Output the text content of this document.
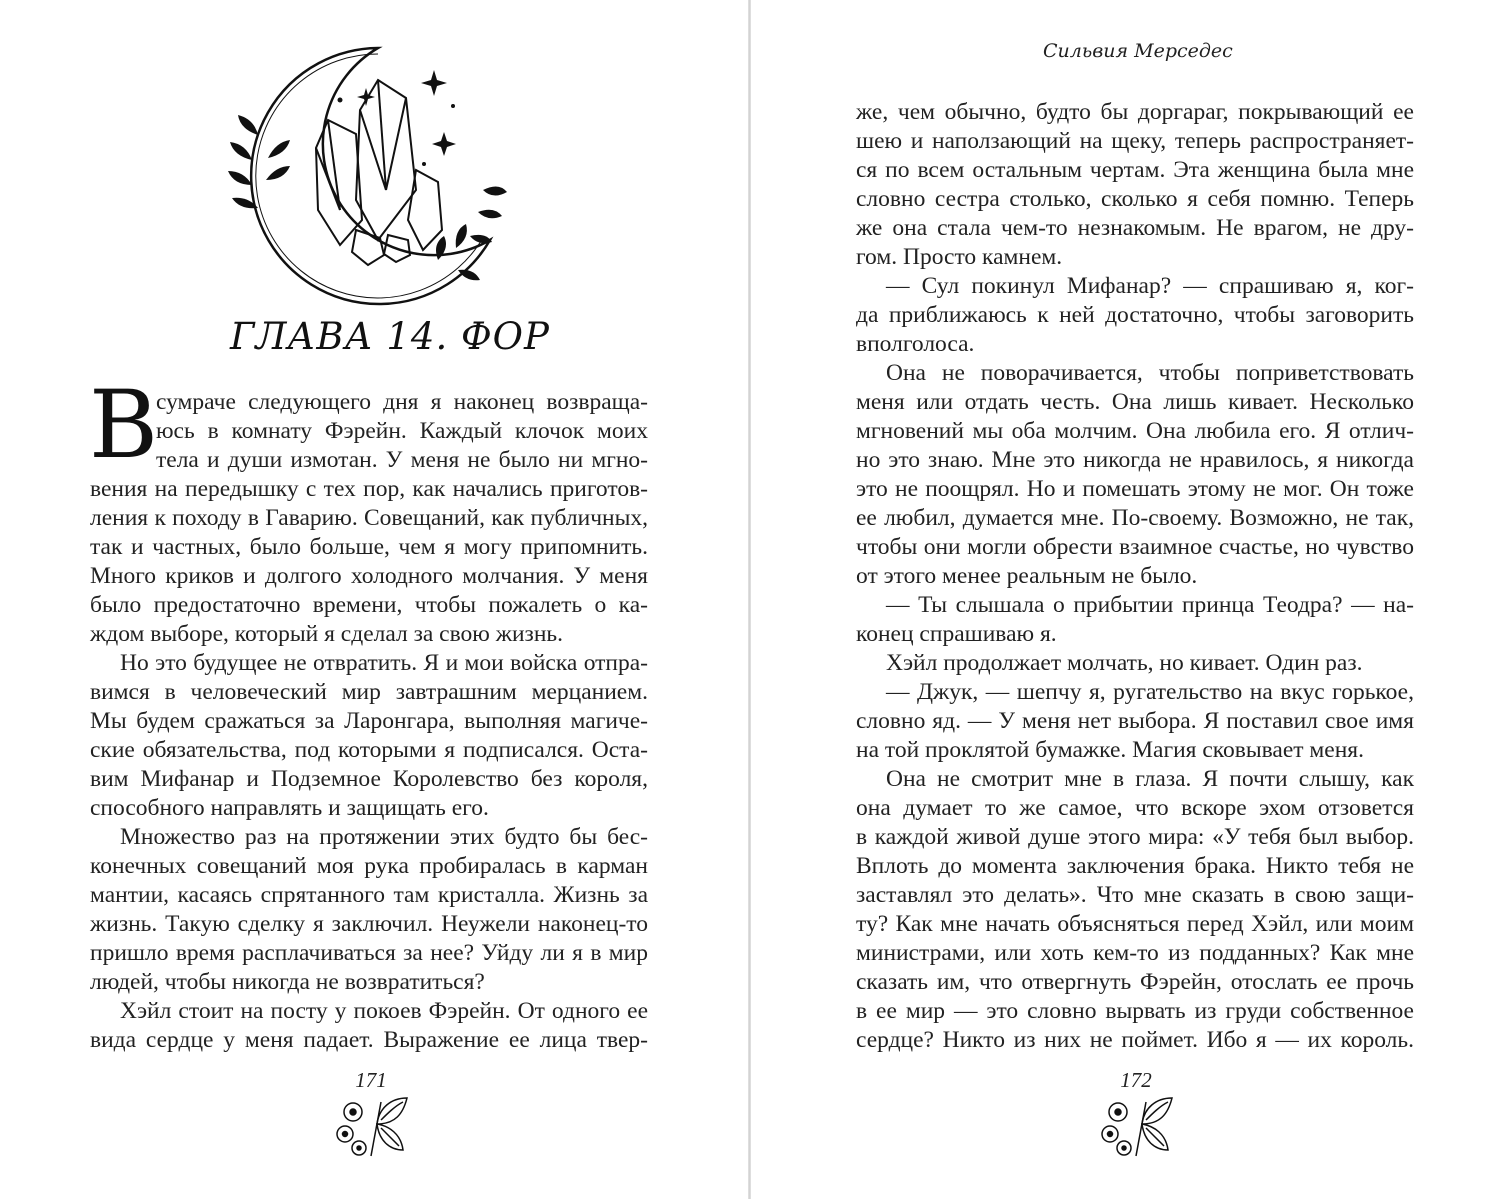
ГЛАВА 14. ФОР
В
сумраче следующего дня я наконец возвраща-
юсь в комнату Фэрейн. Каждый клочок моих
тела и души измотан. У меня не было ни мгно-
вения на передышку с тех пор, как начались приготов-
ления к походу в Гаварию. Совещаний, как публичных,
так и частных, было больше, чем я могу припомнить.
Много криков и долгого холодного молчания. У меня
было предостаточно времени, чтобы пожалеть о ка-
ждом выборе, который я сделал за свою жизнь.
Но это будущее не отвратить. Я и мои войска отпра-
вимся в человеческий мир завтрашним мерцанием.
Мы будем сражаться за Ларонгара, выполняя магиче-
ские обязательства, под которыми я подписался. Оста-
вим Мифанар и Подземное Королевство без короля,
способного направлять и защищать его.
Множество раз на протяжении этих будто бы бес-
конечных совещаний моя рука пробиралась в карман
мантии, касаясь спрятанного там кристалла. Жизнь за
жизнь. Такую сделку я заключил. Неужели наконец-то
пришло время расплачиваться за нее? Уйду ли я в мир
людей, чтобы никогда не возвратиться?
Хэйл стоит на посту у покоев Фэрейн. От одного ее
вида сердце у меня падает. Выражение ее лица твер-
171
Сильвия Мерседес
же, чем обычно, будто бы доргараг, покрывающий ее
шею и наползающий на щеку, теперь распространяет-
ся по всем остальным чертам. Эта женщина была мне
словно сестра столько, сколько я себя помню. Теперь
же она стала чем-то незнакомым. Не врагом, не дру-
гом. Просто камнем.
— Сул покинул Мифанар? — спрашиваю я, ког-
да приближаюсь к ней достаточно, чтобы заговорить
вполголоса.
Она не поворачивается, чтобы поприветствовать
меня или отдать честь. Она лишь кивает. Несколько
мгновений мы оба молчим. Она любила его. Я отлич-
но это знаю. Мне это никогда не нравилось, я никогда
это не поощрял. Но и помешать этому не мог. Он тоже
ее любил, думается мне. По-своему. Возможно, не так,
чтобы они могли обрести взаимное счастье, но чувство
от этого менее реальным не было.
— Ты слышала о прибытии принца Теодра? — на-
конец спрашиваю я.
Хэйл продолжает молчать, но кивает. Один раз.
— Джук, — шепчу я, ругательство на вкус горькое,
словно яд. — У меня нет выбора. Я поставил свое имя
на той проклятой бумажке. Магия сковывает меня.
Она не смотрит мне в глаза. Я почти слышу, как
она думает то же самое, что вскоре эхом отзовется
в каждой живой душе этого мира: «У тебя был выбор.
Вплоть до момента заключения брака. Никто тебя не
заставлял это делать». Что мне сказать в свою защи-
ту? Как мне начать объясняться перед Хэйл, или моим
министрами, или хоть кем-то из подданных? Как мне
сказать им, что отвергнуть Фэрейн, отослать ее прочь
в ее мир — это словно вырвать из груди собственное
сердце? Никто из них не поймет. Ибо я — их король.
172
